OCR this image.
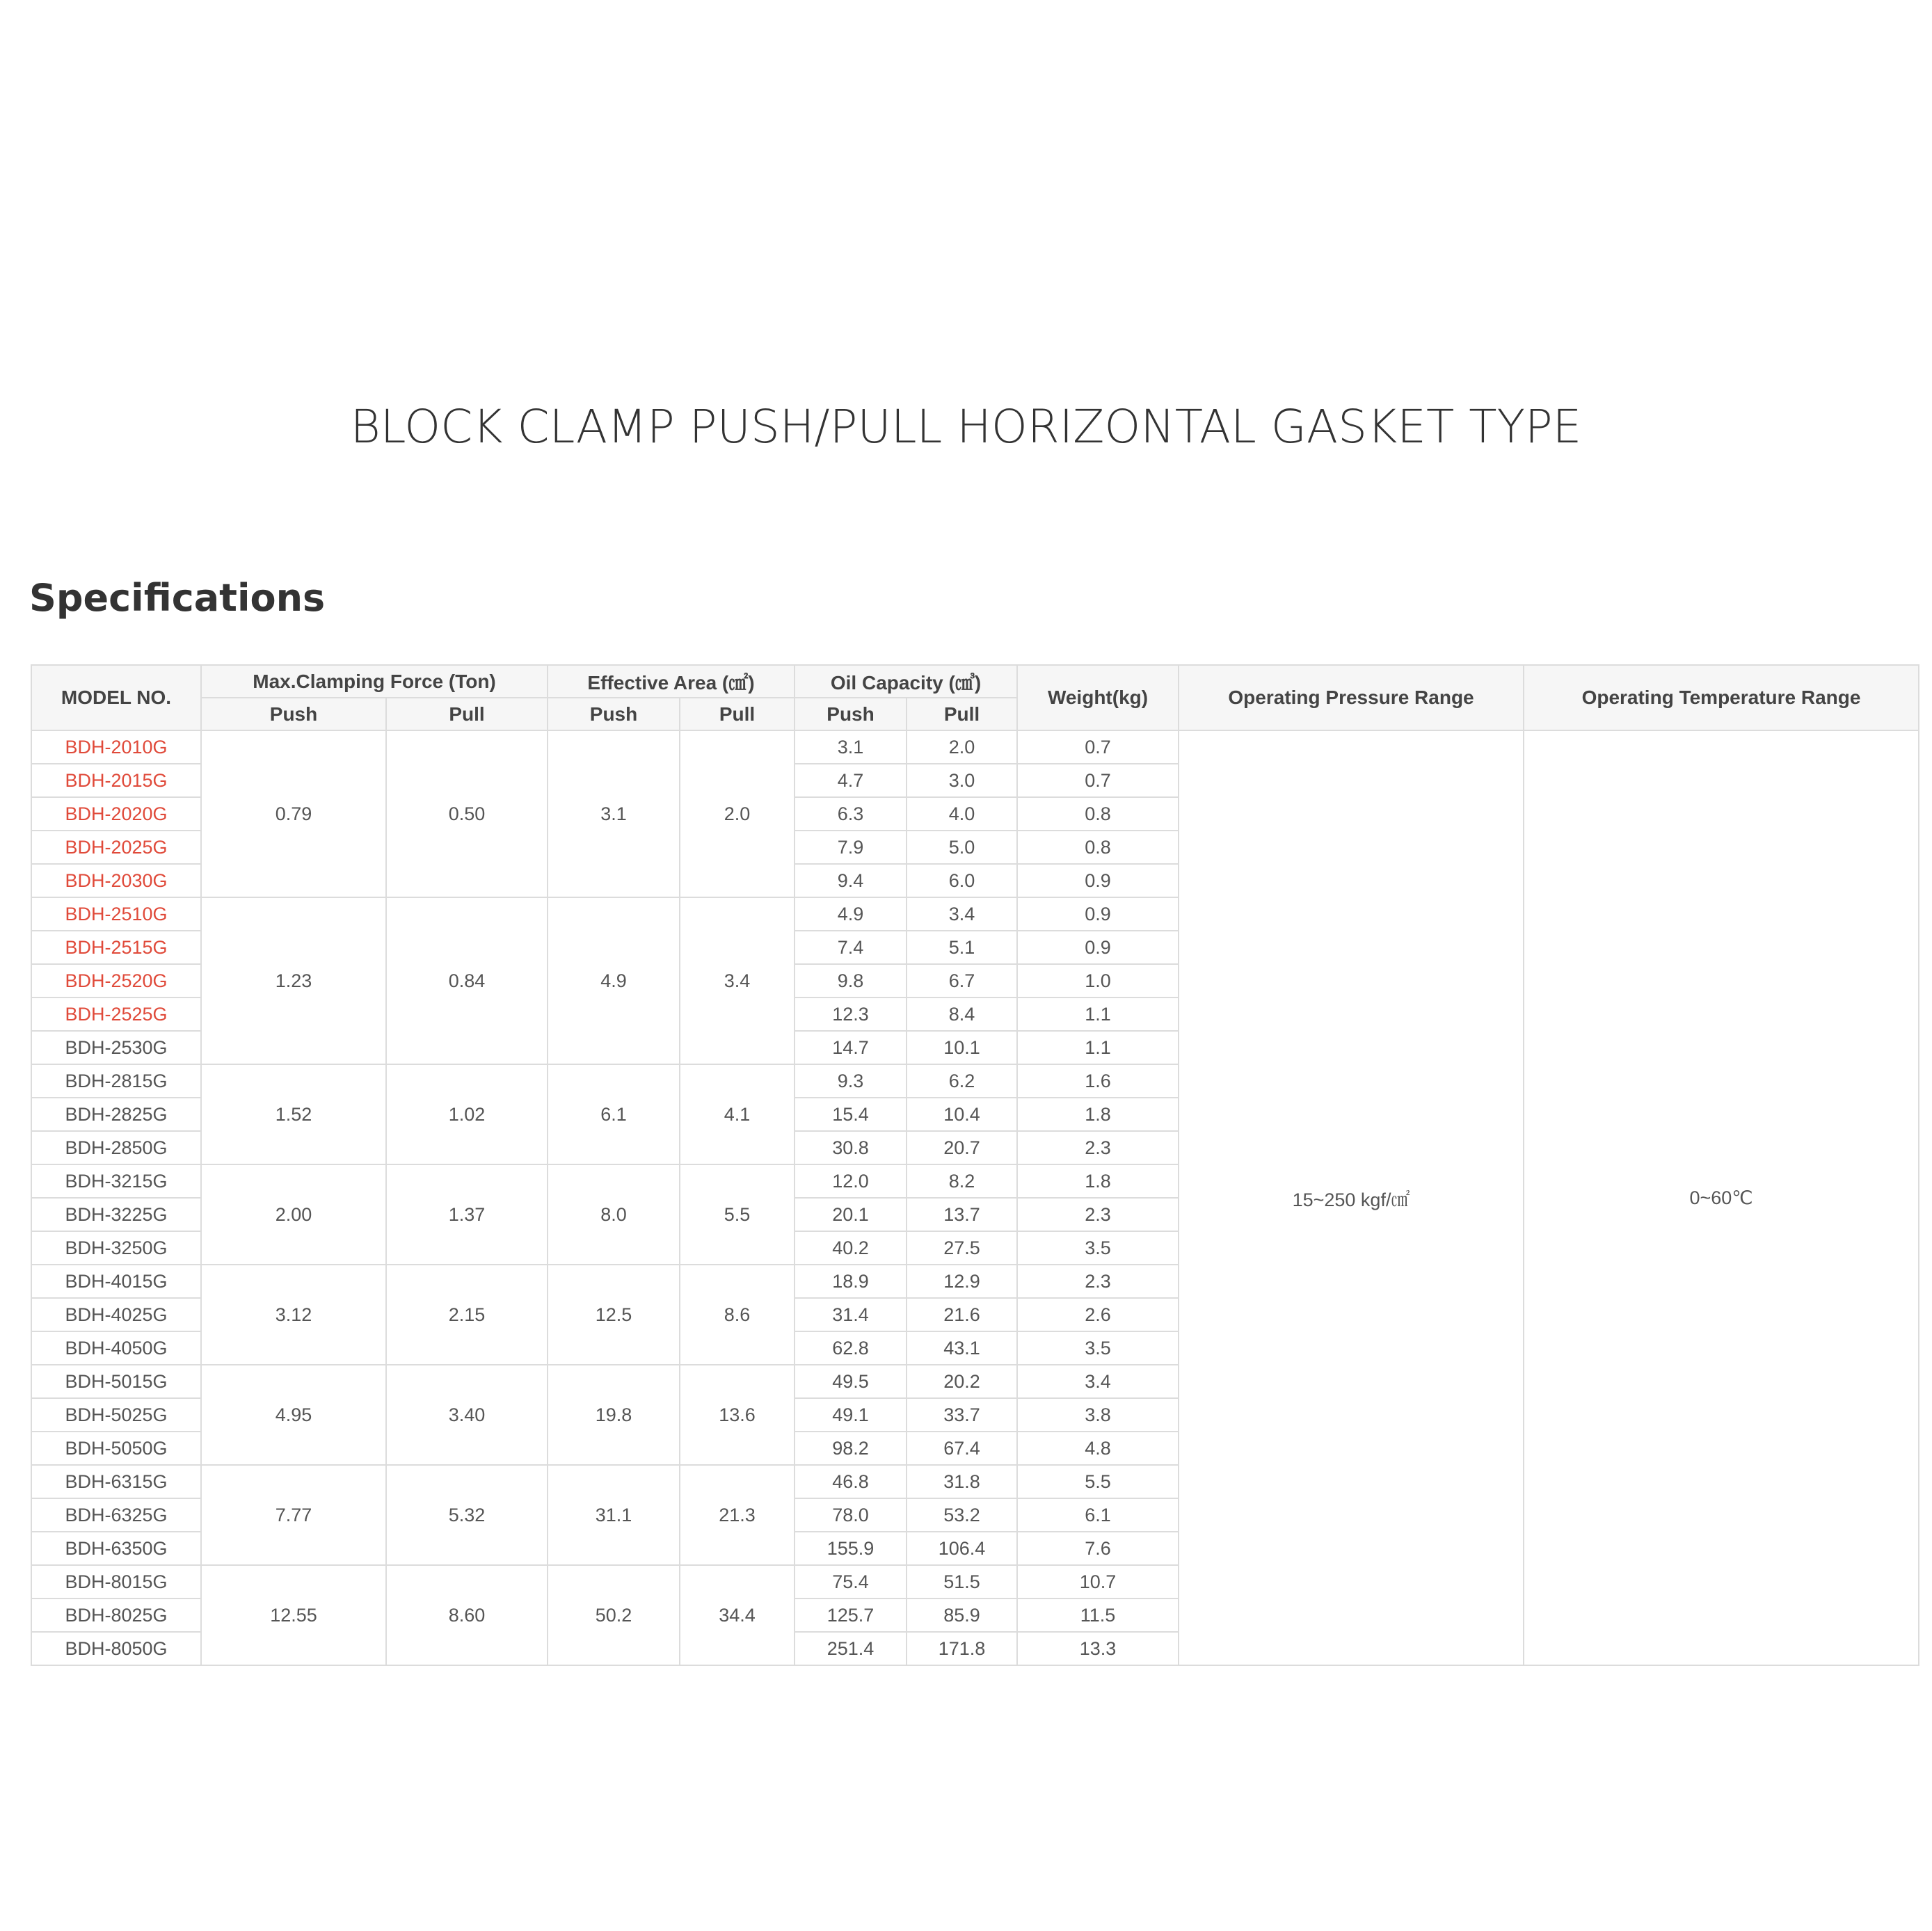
BLOCK CLAMP PUSH/PULL HORIZONTAL GASKET TYPE
Specifications
MODEL NO.	Max.Clamping Force (Ton)		Effective Area (㎠)		Oil Capacity (㎤)		Weight(kg)	Operating Pressure Range	Operating Temperature Range
	Push	Pull	Push	Pull	Push	Pull			
BDH-2010G	0.79	0.50	3.1	2.0	3.1	2.0	0.7	15~250 kgf/㎠	0~60℃
BDH-2015G					4.7	3.0	0.7		
BDH-2020G					6.3	4.0	0.8		
BDH-2025G					7.9	5.0	0.8		
BDH-2030G					9.4	6.0	0.9		
BDH-2510G	1.23	0.84	4.9	3.4	4.9	3.4	0.9		
BDH-2515G					7.4	5.1	0.9		
BDH-2520G					9.8	6.7	1.0		
BDH-2525G					12.3	8.4	1.1		
BDH-2530G					14.7	10.1	1.1		
BDH-2815G	1.52	1.02	6.1	4.1	9.3	6.2	1.6		
BDH-2825G					15.4	10.4	1.8		
BDH-2850G					30.8	20.7	2.3		
BDH-3215G	2.00	1.37	8.0	5.5	12.0	8.2	1.8		
BDH-3225G					20.1	13.7	2.3		
BDH-3250G					40.2	27.5	3.5		
BDH-4015G	3.12	2.15	12.5	8.6	18.9	12.9	2.3		
BDH-4025G					31.4	21.6	2.6		
BDH-4050G					62.8	43.1	3.5		
BDH-5015G	4.95	3.40	19.8	13.6	49.5	20.2	3.4		
BDH-5025G					49.1	33.7	3.8		
BDH-5050G					98.2	67.4	4.8		
BDH-6315G	7.77	5.32	31.1	21.3	46.8	31.8	5.5		
BDH-6325G					78.0	53.2	6.1		
BDH-6350G					155.9	106.4	7.6		
BDH-8015G	12.55	8.60	50.2	34.4	75.4	51.5	10.7		
BDH-8025G					125.7	85.9	11.5		
BDH-8050G					251.4	171.8	13.3		
